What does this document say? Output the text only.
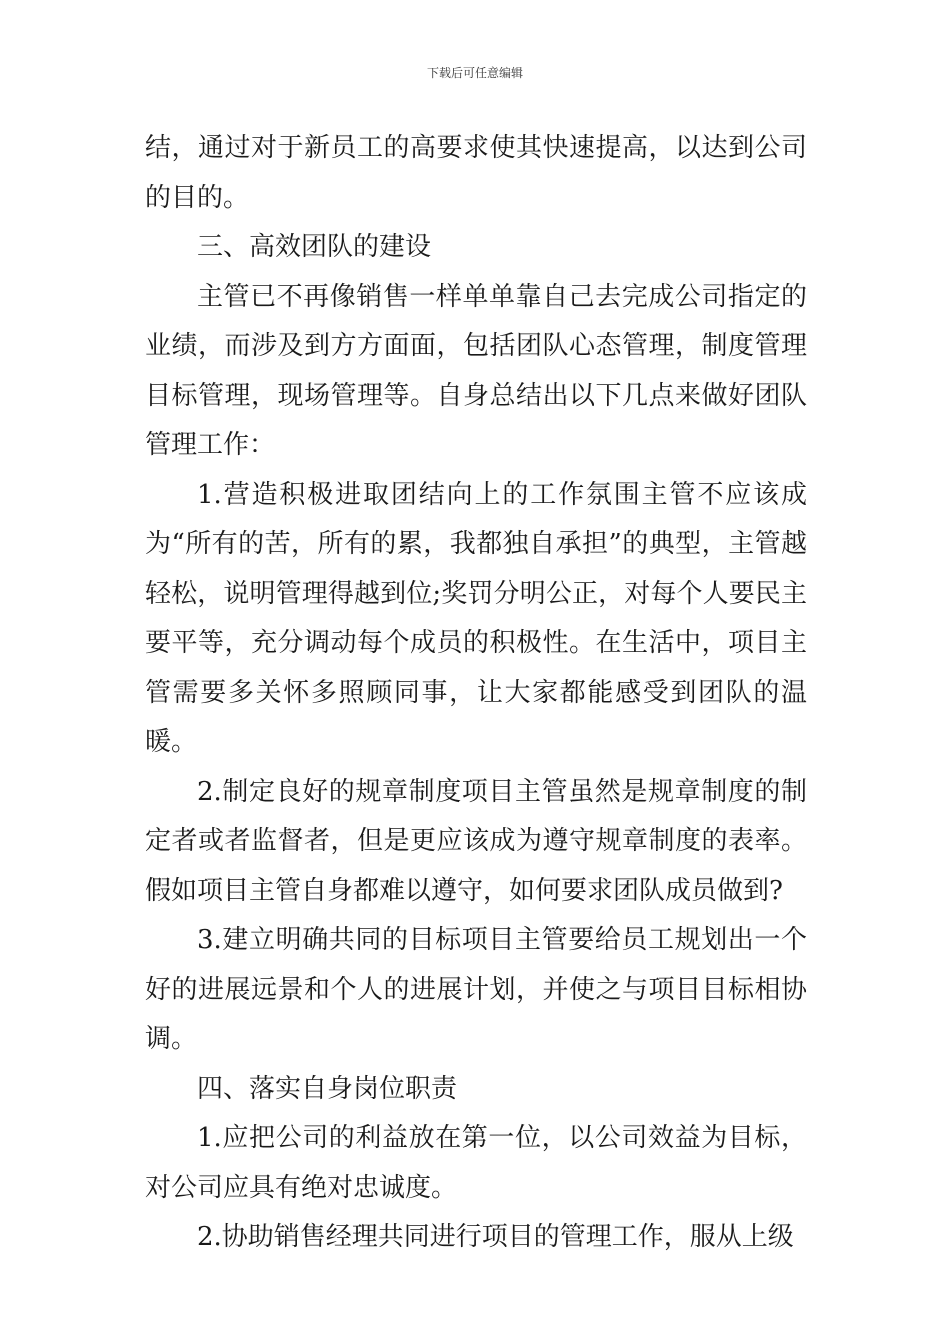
下载后可任意编辑

结，通过对于新员工的高要求使其快速提高，以达到公司的目的。

三、高效团队的建设

主管已不再像销售一样单单靠自己去完成公司指定的业绩，而涉及到方方面面，包括团队心态管理，制度管理目标管理，现场管理等。自身总结出以下几点来做好团队管理工作：

1.营造积极进取团结向上的工作氛围主管不应该成为“所有的苦，所有的累，我都独自承担”的典型，主管越轻松，说明管理得越到位;奖罚分明公正，对每个人要民主要平等，充分调动每个成员的积极性。在生活中，项目主管需要多关怀多照顾同事，让大家都能感受到团队的温暖。

2.制定良好的规章制度项目主管虽然是规章制度的制定者或者监督者，但是更应该成为遵守规章制度的表率。假如项目主管自身都难以遵守，如何要求团队成员做到?

3.建立明确共同的目标项目主管要给员工规划出一个好的进展远景和个人的进展计划，并使之与项目目标相协调。

四、落实自身岗位职责

1.应把公司的利益放在第一位，以公司效益为目标，对公司应具有绝对忠诚度。

2.协助销售经理共同进行项目的管理工作，服从上级
